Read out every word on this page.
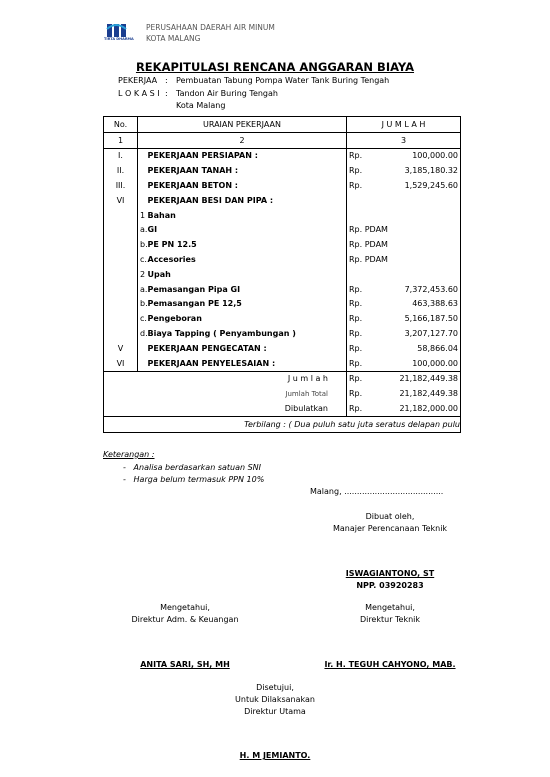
TIRTA DHARMA
PERUSAHAAN DAERAH AIR MINUM
KOTA MALANG
REKAPITULASI RENCANA ANGGARAN BIAYA
PEKERJAA : Pembuatan Tabung Pompa Water Tank Buring Tengah
L O K A S I : Tandon Air Buring Tengah
Kota Malang
No.	URAIAN PEKERJAAN		J U M L A H	
1	2		3	
I.		PEKERJAAN PERSIAPAN :	Rp.	100,000.00
II.		PEKERJAAN TANAH :	Rp.	3,185,180.32
III.		PEKERJAAN BETON :	Rp.	1,529,245.60
VI		PEKERJAAN BESI DAN PIPA :		
	1	Bahan		
	a.	GI	Rp. PDAM	
	b.	PE PN 12.5	Rp. PDAM	
	c.	Accesories	Rp. PDAM	
	2	Upah		
	a.	Pemasangan Pipa GI	Rp.	7,372,453.60
	b.	Pemasangan PE 12,5	Rp.	463,388.63
	c.	Pengeboran	Rp.	5,166,187.50
	d.	Biaya Tapping ( Penyambungan )	Rp.	3,207,127.70
V		PEKERJAAN PENGECATAN :	Rp.	58,866.04
VI		PEKERJAAN PENYELESAIAN :	Rp.	100,000.00
		J u m l a h	Rp.	21,182,449.38
		Jumlah Total	Rp.	21,182,449.38
		Dibulatkan	Rp.	21,182,000.00
Terbilang : ( Dua puluh satu juta seratus delapan pulu				
Keterangan :
- Analisa berdasarkan satuan SNI
- Harga belum termasuk PPN 10%
Malang, .......................................
Dibuat oleh,
Manajer Perencanaan Teknik
ISWAGIANTONO, ST
NPP. 03920283
Mengetahui,
Direktur Adm. & Keuangan
Mengetahui,
Direktur Teknik
ANITA SARI, SH, MH	Ir. H. TEGUH CAHYONO, MAB.
Disetujui,
Untuk Dilaksanakan
Direktur Utama
H. M JEMIANTO.
